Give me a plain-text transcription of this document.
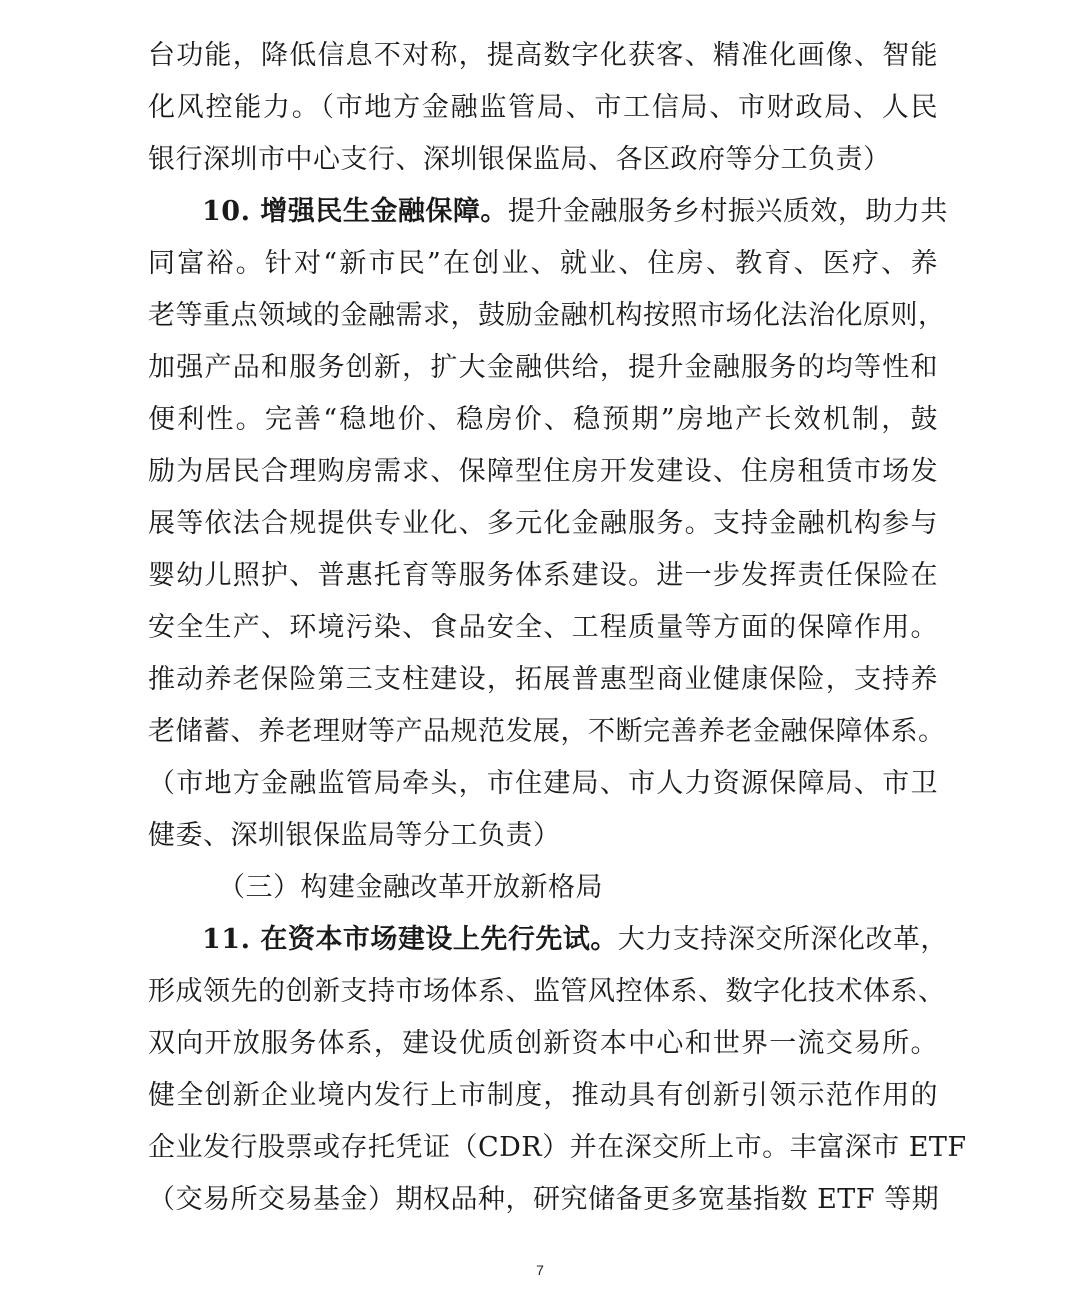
台功能，降低信息不对称，提高数字化获客、精准化画像、智能
化风控能力。（市地方金融监管局、市工信局、市财政局、人民
银行深圳市中心支行、深圳银保监局、各区政府等分工负责）
10. 增强民生金融保障。提升金融服务乡村振兴质效，助力共
同富裕。针对“新市民”在创业、就业、住房、教育、医疗、养
老等重点领域的金融需求，鼓励金融机构按照市场化法治化原则，
加强产品和服务创新，扩大金融供给，提升金融服务的均等性和
便利性。完善“稳地价、稳房价、稳预期”房地产长效机制，鼓
励为居民合理购房需求、保障型住房开发建设、住房租赁市场发
展等依法合规提供专业化、多元化金融服务。支持金融机构参与
婴幼儿照护、普惠托育等服务体系建设。进一步发挥责任保险在
安全生产、环境污染、食品安全、工程质量等方面的保障作用。
推动养老保险第三支柱建设，拓展普惠型商业健康保险，支持养
老储蓄、养老理财等产品规范发展，不断完善养老金融保障体系。
（市地方金融监管局牵头，市住建局、市人力资源保障局、市卫
健委、深圳银保监局等分工负责）
（三）构建金融改革开放新格局
11. 在资本市场建设上先行先试。大力支持深交所深化改革，
形成领先的创新支持市场体系、监管风控体系、数字化技术体系、
双向开放服务体系，建设优质创新资本中心和世界一流交易所。
健全创新企业境内发行上市制度，推动具有创新引领示范作用的
企业发行股票或存托凭证（CDR）并在深交所上市。丰富深市 ETF
（交易所交易基金）期权品种，研究储备更多宽基指数 ETF 等期
7
